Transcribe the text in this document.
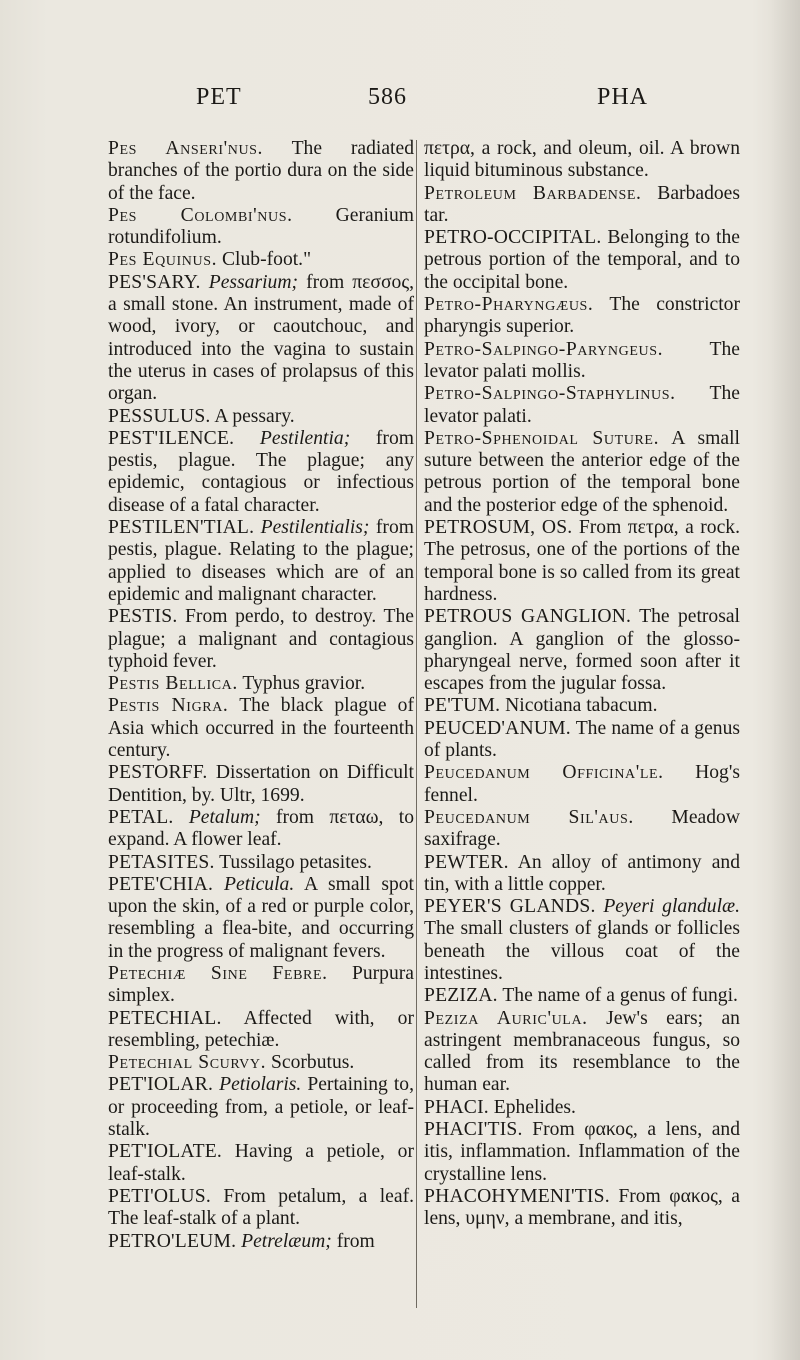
PET	586	PHA

Pes Anseri'nus. The radiated branches of the portio dura on the side of the face.

Pes Colombi'nus. Geranium rotundifolium.

Pes Equinus. Club-foot."

PES'SARY. Pessarium; from πεσσος, a small stone. An instrument, made of wood, ivory, or caoutchouc, and introduced into the vagina to sustain the uterus in cases of prolapsus of this organ.

PESSULUS. A pessary.

PEST'ILENCE. Pestilentia; from pestis, plague. The plague; any epidemic, contagious or infectious disease of a fatal character.

PESTILEN'TIAL. Pestilentialis; from pestis, plague. Relating to the plague; applied to diseases which are of an epidemic and malignant character.

PESTIS. From perdo, to destroy. The plague; a malignant and contagious typhoid fever.

Pestis Bellica. Typhus gravior.

Pestis Nigra. The black plague of Asia which occurred in the fourteenth century.

PESTORFF. Dissertation on Difficult Dentition, by. Ultr, 1699.

PETAL. Petalum; from πεταω, to expand. A flower leaf.

PETASITES. Tussilago petasites.

PETE'CHIA. Peticula. A small spot upon the skin, of a red or purple color, resembling a flea-bite, and occurring in the progress of malignant fevers.

Petechiæ Sine Febre. Purpura simplex.

PETECHIAL. Affected with, or resembling, petechiæ.

Petechial Scurvy. Scorbutus.

PET'IOLAR. Petiolaris. Pertaining to, or proceeding from, a petiole, or leaf-stalk.

PET'IOLATE. Having a petiole, or leaf-stalk.

PETI'OLUS. From petalum, a leaf. The leaf-stalk of a plant.

PETRO'LEUM. Petrelæum; from

πετρα, a rock, and oleum, oil. A brown liquid bituminous substance.

Petroleum Barbadense. Barbadoes tar.

PETRO-OCCIPITAL. Belonging to the petrous portion of the temporal, and to the occipital bone.

Petro-Pharyngæus. The constrictor pharyngis superior.

Petro-Salpingo-Paryngeus. The levator palati mollis.

Petro-Salpingo-Staphylinus. The levator palati.

Petro-Sphenoidal Suture. A small suture between the anterior edge of the petrous portion of the temporal bone and the posterior edge of the sphenoid.

PETROSUM, OS. From πετρα, a rock. The petrosus, one of the portions of the temporal bone is so called from its great hardness.

PETROUS GANGLION. The petrosal ganglion. A ganglion of the glosso-pharyngeal nerve, formed soon after it escapes from the jugular fossa.

PE'TUM. Nicotiana tabacum.

PEUCED'ANUM. The name of a genus of plants.

Peucedanum Officina'le. Hog's fennel.

Peucedanum Sil'aus. Meadow saxifrage.

PEWTER. An alloy of antimony and tin, with a little copper.

PEYER'S GLANDS. Peyeri glandulæ. The small clusters of glands or follicles beneath the villous coat of the intestines.

PEZIZA. The name of a genus of fungi.

Peziza Auric'ula. Jew's ears; an astringent membranaceous fungus, so called from its resemblance to the human ear.

PHACI. Ephelides.

PHACI'TIS. From φακος, a lens, and itis, inflammation. Inflammation of the crystalline lens.

PHACOHYMENI'TIS. From φακος, a lens, υμην, a membrane, and itis,
